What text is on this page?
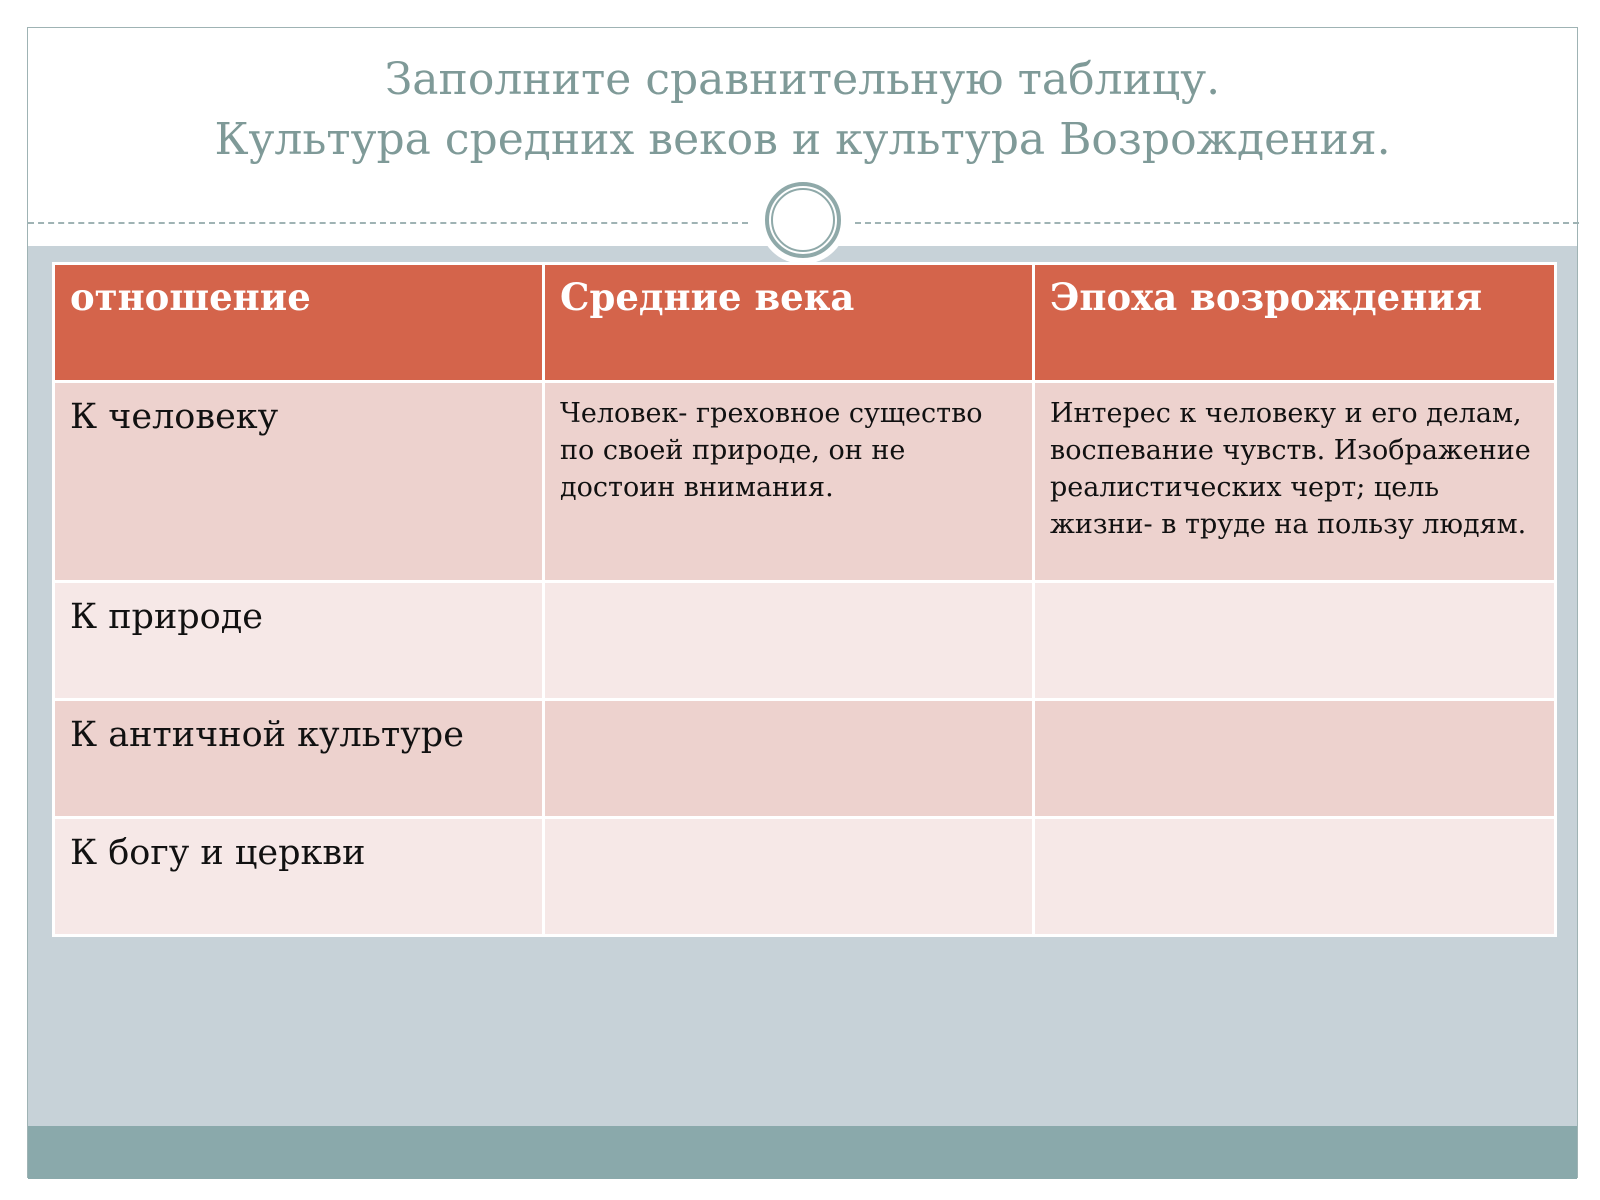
Заполните сравнительную таблицу.
Культура средних веков и культура Возрождения.
отношение	Средние века	Эпоха возрождения
К человеку	Человек- греховное существо по своей природе, он не достоин внимания.	Интерес к человеку и его делам, воспевание чувств. Изображение реалистических черт; цель жизни- в труде на пользу людям.
К природе		
К античной культуре		
К богу и церкви		
